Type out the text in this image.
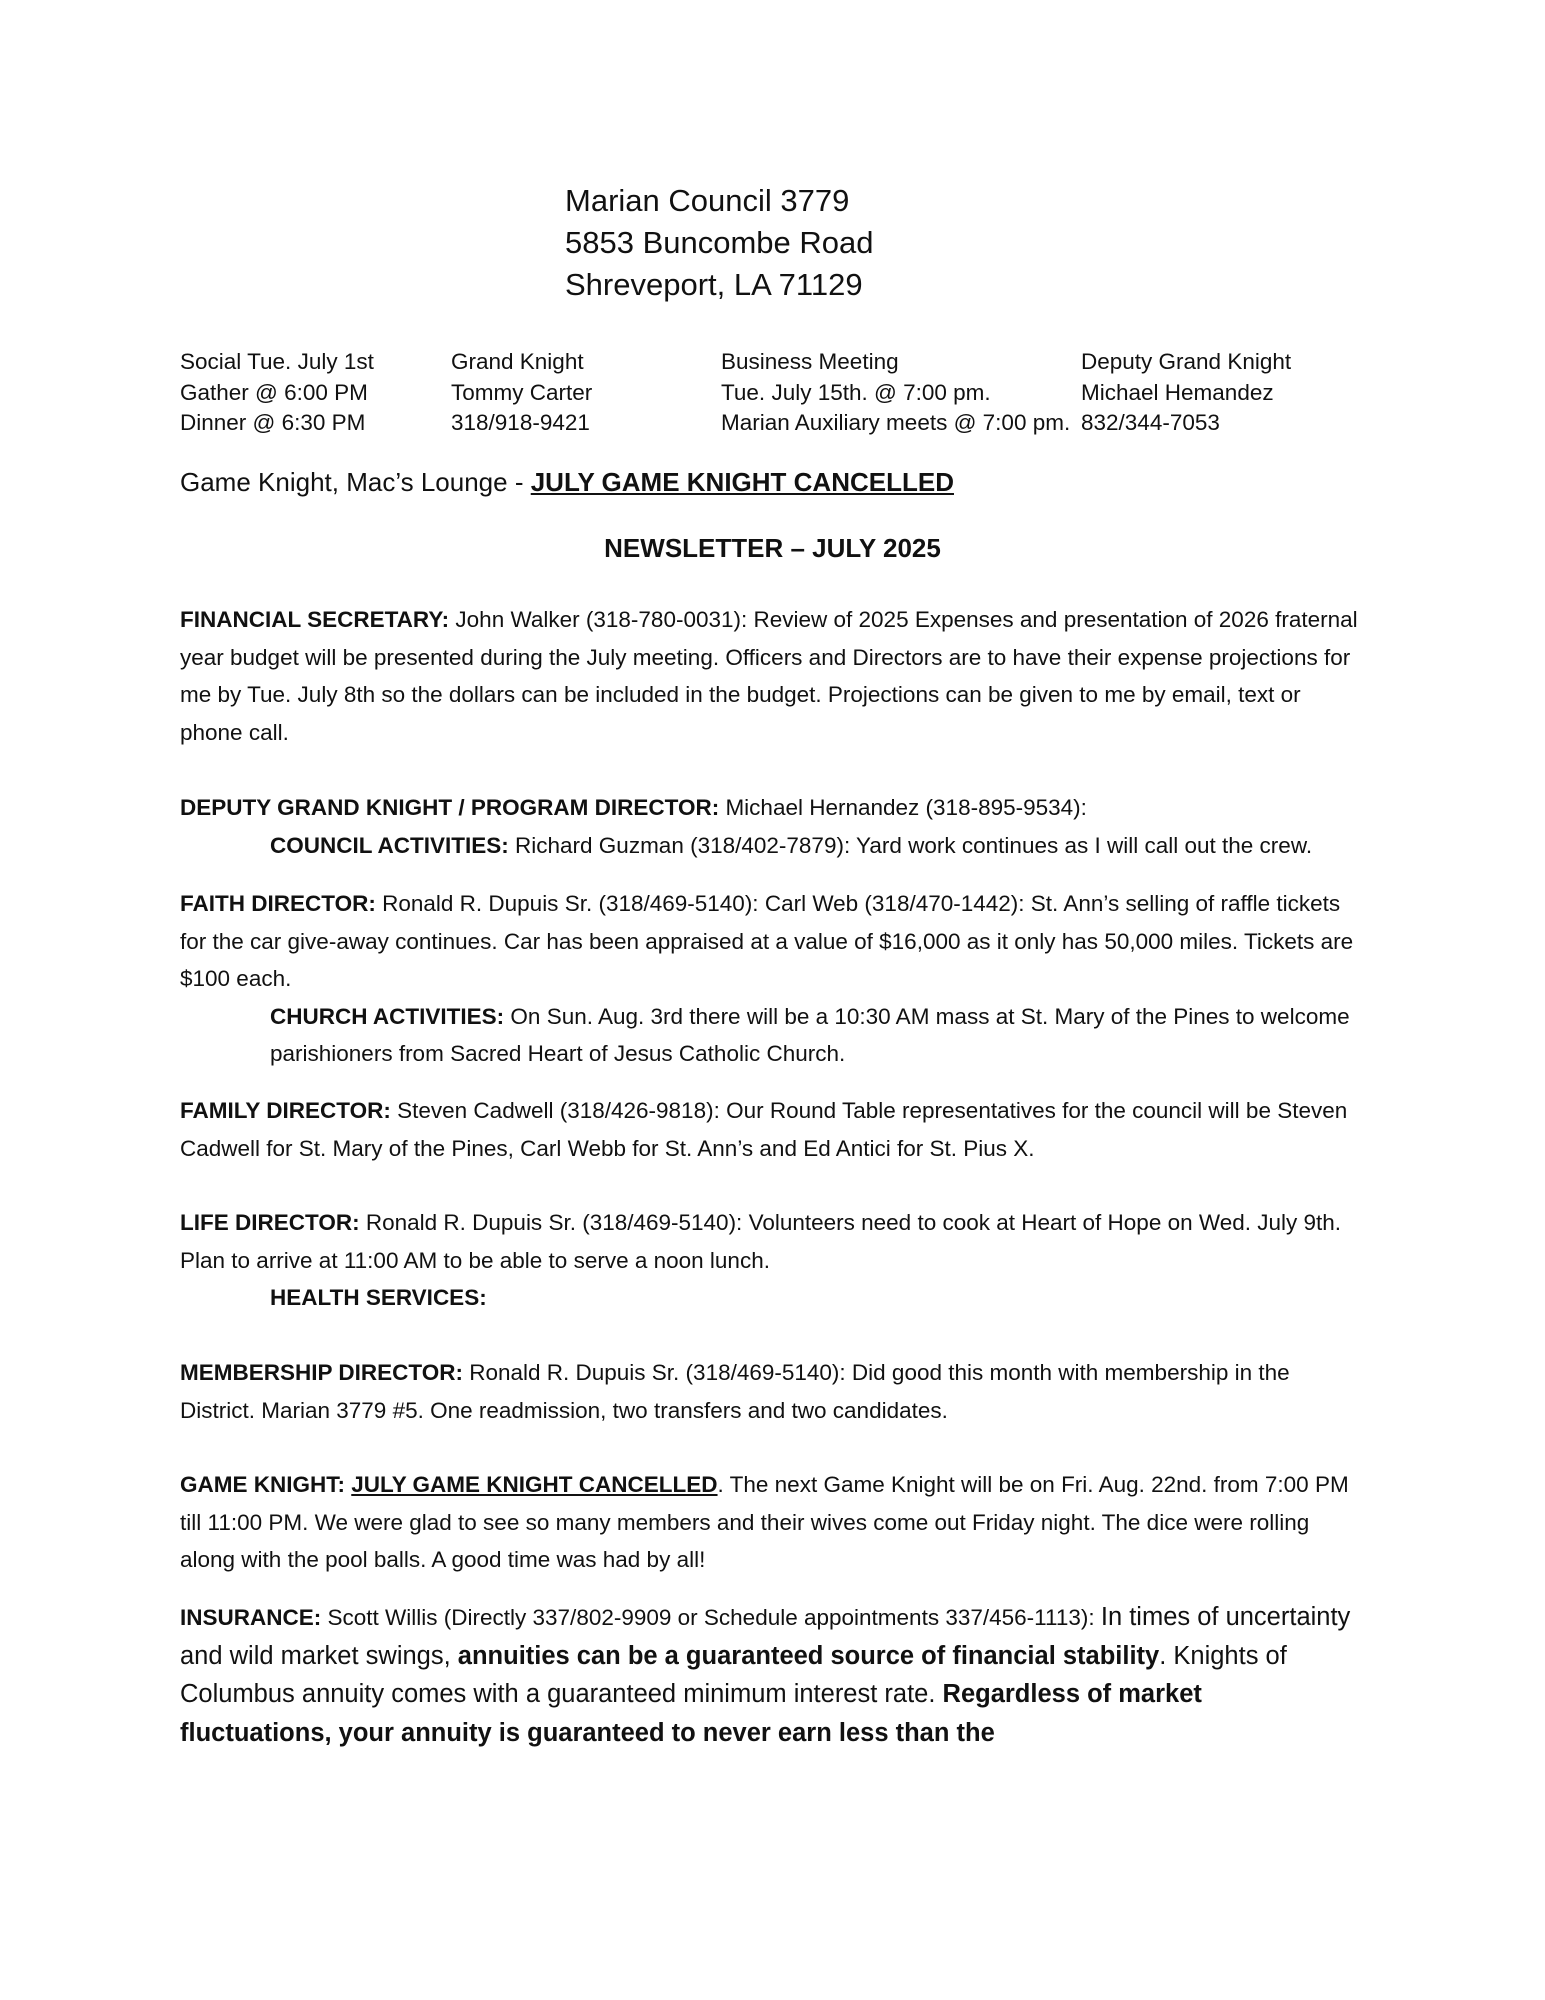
Marian Council 3779
5853 Buncombe Road
Shreveport, LA 71129
Social Tue. July 1st
Gather @ 6:00 PM
Dinner @ 6:30 PM
Grand Knight
Tommy Carter
318/918-9421
Business Meeting
Tue. July 15th. @ 7:00 pm.
Marian Auxiliary meets @ 7:00 pm.
Deputy Grand Knight
Michael Hemandez
832/344-7053
Game Knight, Mac’s Lounge - JULY GAME KNIGHT CANCELLED
NEWSLETTER – JULY 2025

FINANCIAL SECRETARY: John Walker (318-780-0031): Review of 2025 Expenses and presentation of 2026 fraternal year budget will be presented during the July meeting. Officers and Directors are to have their expense projections for me by Tue. July 8th so the dollars can be included in the budget. Projections can be given to me by email, text or phone call.

DEPUTY GRAND KNIGHT / PROGRAM DIRECTOR: Michael Hernandez (318-895-9534):

COUNCIL ACTIVITIES: Richard Guzman (318/402-7879): Yard work continues as I will call out the crew.

FAITH DIRECTOR: Ronald R. Dupuis Sr. (318/469-5140): Carl Web (318/470-1442): St. Ann’s selling of raffle tickets for the car give-away continues. Car has been appraised at a value of $16,000 as it only has 50,000 miles. Tickets are $100 each.

CHURCH ACTIVITIES: On Sun. Aug. 3rd there will be a 10:30 AM mass at St. Mary of the Pines to welcome parishioners from Sacred Heart of Jesus Catholic Church.

FAMILY DIRECTOR: Steven Cadwell (318/426-9818): Our Round Table representatives for the council will be Steven Cadwell for St. Mary of the Pines, Carl Webb for St. Ann’s and Ed Antici for St. Pius X.

LIFE DIRECTOR: Ronald R. Dupuis Sr. (318/469-5140): Volunteers need to cook at Heart of Hope on Wed. July 9th. Plan to arrive at 11:00 AM to be able to serve a noon lunch.

HEALTH SERVICES:

MEMBERSHIP DIRECTOR: Ronald R. Dupuis Sr. (318/469-5140): Did good this month with membership in the District. Marian 3779 #5. One readmission, two transfers and two candidates.

GAME KNIGHT: JULY GAME KNIGHT CANCELLED. The next Game Knight will be on Fri. Aug. 22nd. from 7:00 PM till 11:00 PM. We were glad to see so many members and their wives come out Friday night. The dice were rolling along with the pool balls. A good time was had by all!

INSURANCE: Scott Willis (Directly 337/802-9909 or Schedule appointments 337/456-1113): In times of uncertainty and wild market swings, annuities can be a guaranteed source of financial stability. Knights of Columbus annuity comes with a guaranteed minimum interest rate. Regardless of market fluctuations, your annuity is guaranteed to never earn less than the
